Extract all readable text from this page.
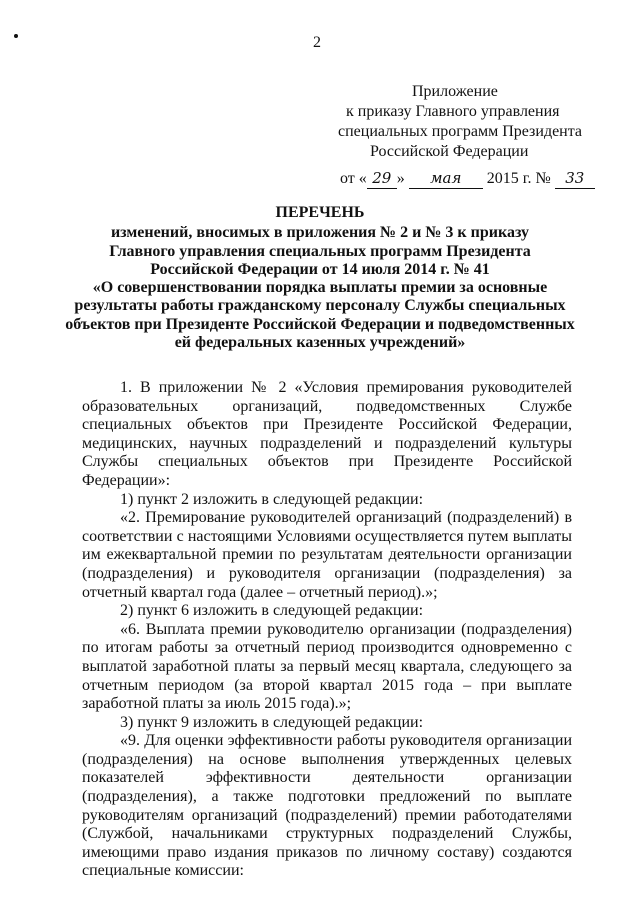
2
Приложение
к приказу Главного управления
специальных программ Президента
Российской Федерации
от « 29 » мая 2015 г. № 33
ПЕРЕЧЕНЬ
изменений, вносимых в приложения № 2 и № 3 к приказу
Главного управления специальных программ Президента
Российской Федерации от 14 июля 2014 г. № 41
«О совершенствовании порядка выплаты премии за основные
результаты работы гражданскому персоналу Службы специальных
объектов при Президенте Российской Федерации и подведомственных
ей федеральных казенных учреждений»

1. В приложении № 2 «Условия премирования руководителей образовательных организаций, подведомственных Службе специальных объектов при Президенте Российской Федерации, медицинских, научных подразделений и подразделений культуры Службы специальных объектов при Президенте Российской Федерации»:

1) пункт 2 изложить в следующей редакции:

«2. Премирование руководителей организаций (подразделений) в соответствии с настоящими Условиями осуществляется путем выплаты им ежеквартальной премии по результатам деятельности организации (подразделения) и руководителя организации (подразделения) за отчетный квартал года (далее – отчетный период).»;

2) пункт 6 изложить в следующей редакции:

«6. Выплата премии руководителю организации (подразделения) по итогам работы за отчетный период производится одновременно с выплатой заработной платы за первый месяц квартала, следующего за отчетным периодом (за второй квартал 2015 года – при выплате заработной платы за июль 2015 года).»;

3) пункт 9 изложить в следующей редакции:

«9. Для оценки эффективности работы руководителя организации (подразделения) на основе выполнения утвержденных целевых показателей эффективности деятельности организации (подразделения), а также подготовки предложений по выплате руководителям организаций (подразделений) премии работодателями (Службой, начальниками структурных подразделений Службы, имеющими право издания приказов по личному составу) создаются специальные комиссии:
